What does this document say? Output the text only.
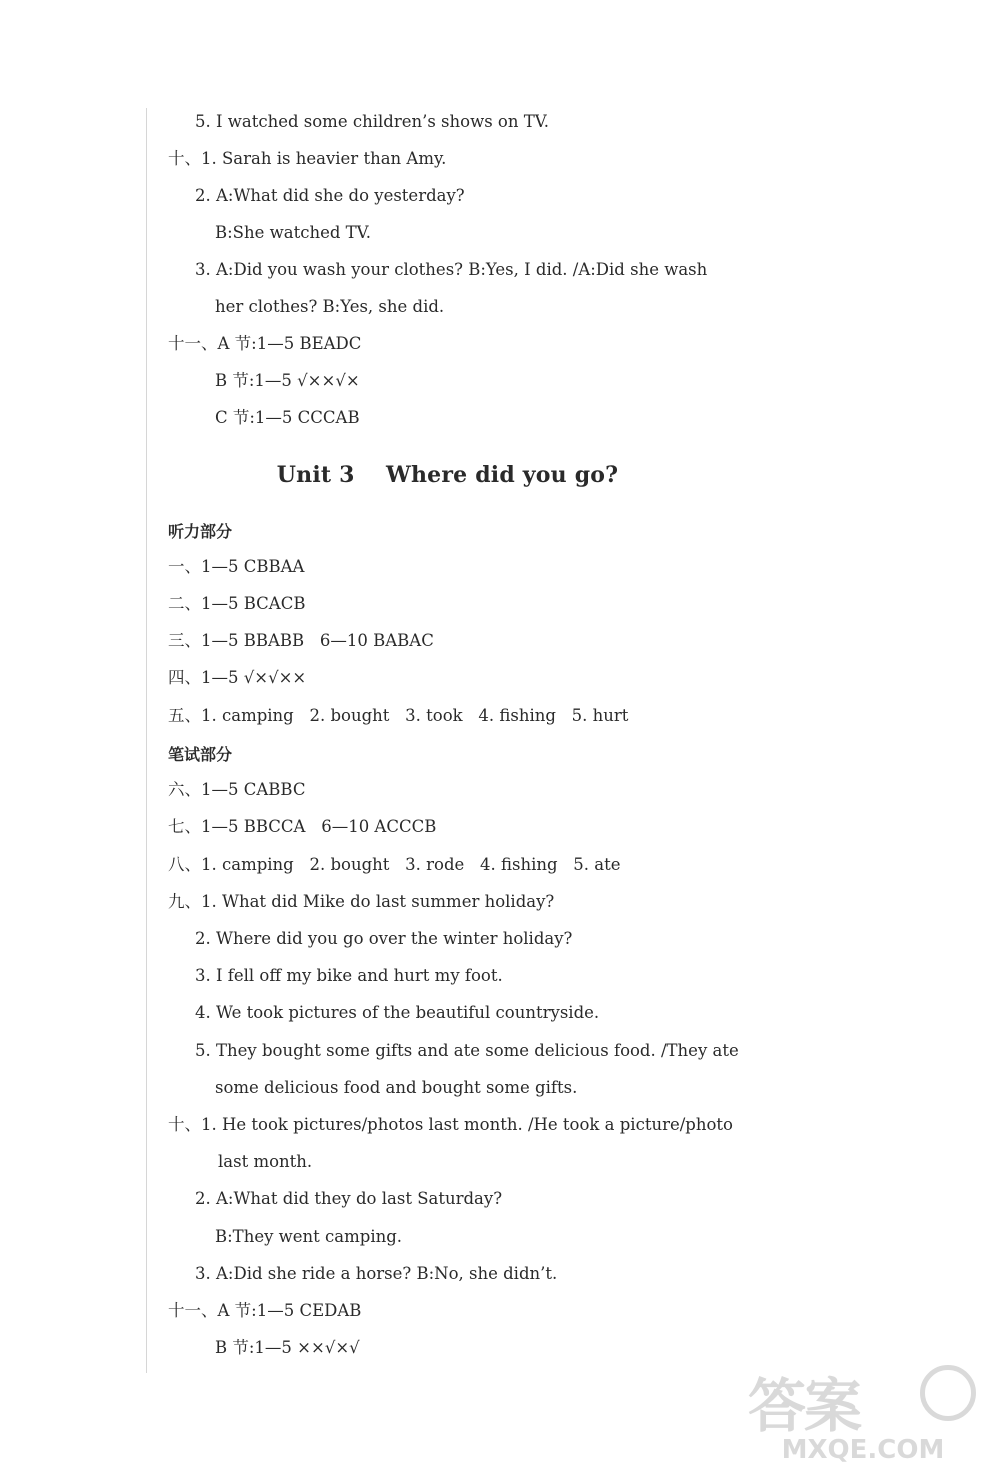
5. I watched some children’s shows on TV.
十、1. Sarah is heavier than Amy.
2. A:What did she do yesterday?
B:She watched TV.
3. A:Did you wash your clothes? B:Yes, I did. /A:Did she wash
her clothes? B:Yes, she did.
十一、A 节:1—5 BEADC
B 节:1—5 √××√×
C 节:1—5 CCCAB
Unit 3    Where did you go?
听力部分
一、1—5 CBBAA
二、1—5 BCACB
三、1—5 BBABB   6—10 BABAC
四、1—5 √×√××
五、1. camping   2. bought   3. took   4. fishing   5. hurt
笔试部分
六、1—5 CABBC
七、1—5 BBCCA   6—10 ACCCB
八、1. camping   2. bought   3. rode   4. fishing   5. ate
九、1. What did Mike do last summer holiday?
2. Where did you go over the winter holiday?
3. I fell off my bike and hurt my foot.
4. We took pictures of the beautiful countryside.
5. They bought some gifts and ate some delicious food. /They ate
some delicious food and bought some gifts.
十、1. He took pictures/photos last month. /He took a picture/photo
last month.
2. A:What did they do last Saturday?
B:They went camping.
3. A:Did she ride a horse? B:No, she didn’t.
十一、A 节:1—5 CEDAB
B 节:1—5 ××√×√
答案
MXQE.COM
